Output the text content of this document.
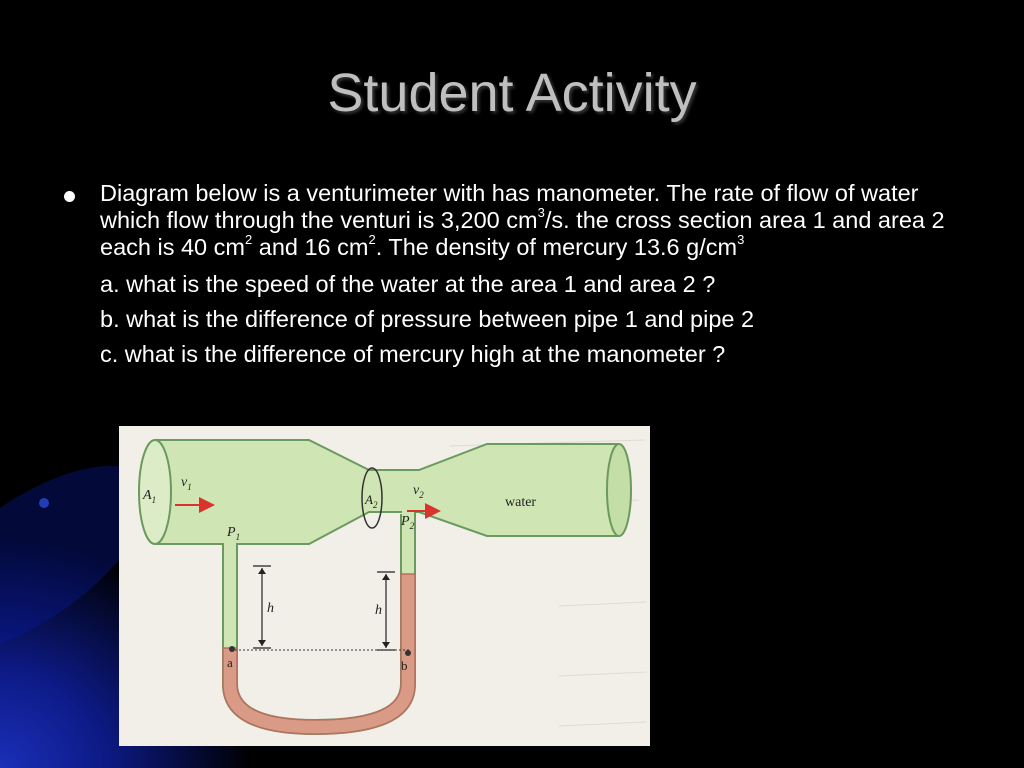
Student Activity
Diagram below is a venturimeter with has manometer. The rate of flow of water which flow through the venturi is 3,200 $cm^3/s$. the cross section area 1 and area 2 each is 40 $cm^2$ and 16 $cm^2$. The density of mercury 13.6 $g/cm^3$
a. what is the speed of the water at the area 1 and area 2 ?
b. what is the difference of pressure between pipe 1 and pipe 2
c. what is the difference of mercury high at the manometer ?
$A_1$
$v_1$
$A_2$
$v_2$	water
$P_1$
$P_2$
h	h
a	b
